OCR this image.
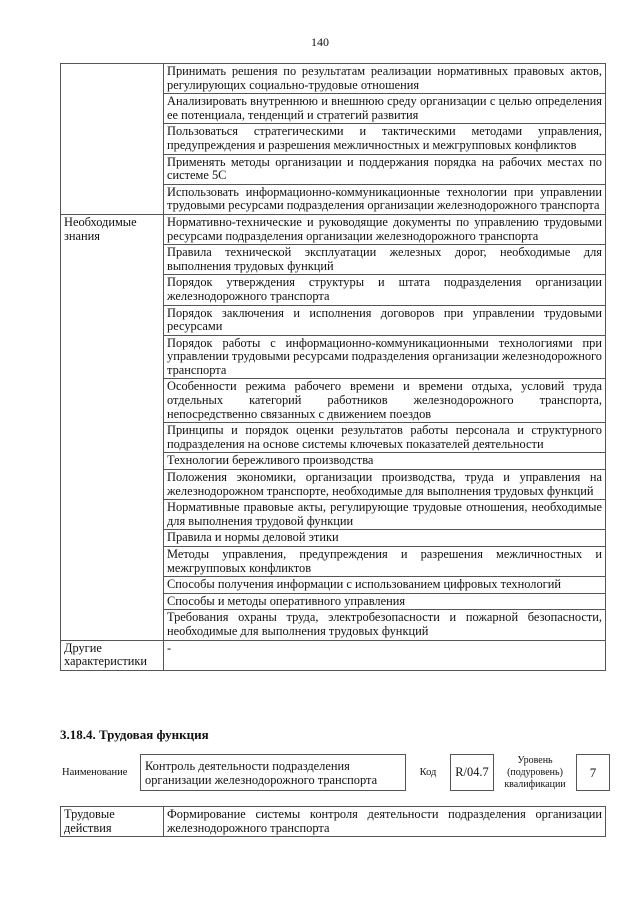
140
	Принимать решения по результатам реализации нормативных правовых актов, регулирующих социально-трудовые отношения
	Анализировать внутреннюю и внешнюю среду организации с целью определения ее потенциала, тенденций и стратегий развития
	Пользоваться стратегическими и тактическими методами управления, предупреждения и разрешения межличностных и межгрупповых конфликтов
	Применять методы организации и поддержания порядка на рабочих местах по системе 5С
	Использовать информационно-коммуникационные технологии при управлении трудовыми ресурсами подразделения организации железнодорожного транспорта
Необходимые знания	Нормативно-технические и руководящие документы по управлению трудовыми ресурсами подразделения организации железнодорожного транспорта
	Правила технической эксплуатации железных дорог, необходимые для выполнения трудовых функций
	Порядок утверждения структуры и штата подразделения организации железнодорожного транспорта
	Порядок заключения и исполнения договоров при управлении трудовыми ресурсами
	Порядок работы с информационно-коммуникационными технологиями при управлении трудовыми ресурсами подразделения организации железнодорожного транспорта
	Особенности режима рабочего времени и времени отдыха, условий труда отдельных категорий работников железнодорожного транспорта, непосредственно связанных с движением поездов
	Принципы и порядок оценки результатов работы персонала и структурного подразделения на основе системы ключевых показателей деятельности
	Технологии бережливого производства
	Положения экономики, организации производства, труда и управления на железнодорожном транспорте, необходимые для выполнения трудовых функций
	Нормативные правовые акты, регулирующие трудовые отношения, необходимые для выполнения трудовой функции
	Правила и нормы деловой этики
	Методы управления, предупреждения и разрешения межличностных и межгрупповых конфликтов
	Способы получения информации с использованием цифровых технологий
	Способы и методы оперативного управления
	Требования охраны труда, электробезопасности и пожарной безопасности, необходимые для выполнения трудовых функций
Другие характеристики	-
3.18.4. Трудовая функция
Наименование	Контроль деятельности подразделения организации железнодорожного транспорта	Код	R/04.7	Уровень (подуровень) квалификации	7
Трудовые действия	Формирование системы контроля деятельности подразделения организации железнодорожного транспорта
